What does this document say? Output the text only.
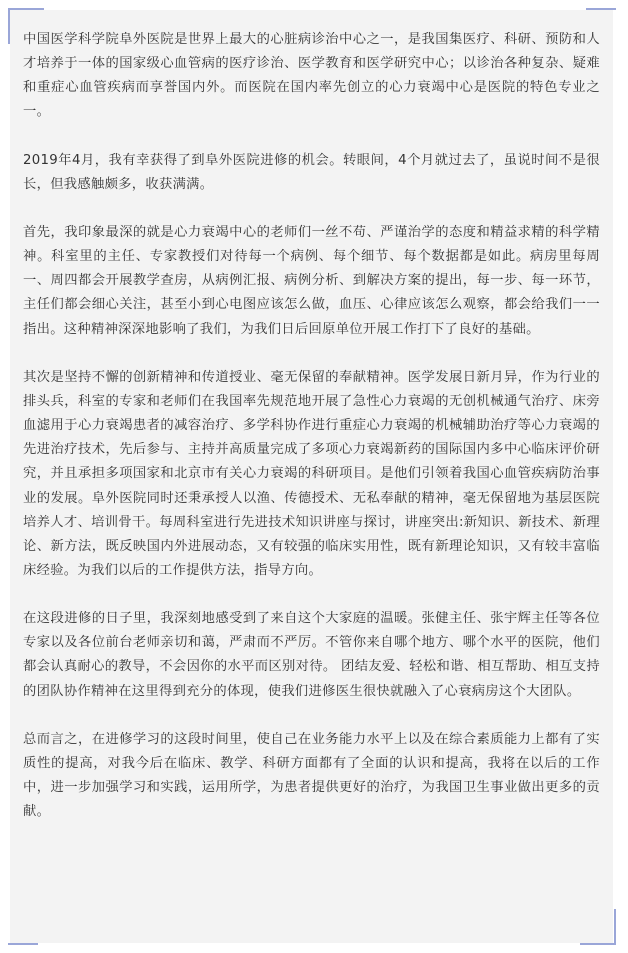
中国医学科学院阜外医院是世界上最大的心脏病诊治中心之一，是我国集医疗、科研、预防和人才培养于一体的国家级心血管病的医疗诊治、医学教育和医学研究中心；以诊治各种复杂、疑难和重症心血管疾病而享誉国内外。而医院在国内率先创立的心力衰竭中心是医院的特色专业之一。

2019年4月，我有幸获得了到阜外医院进修的机会。转眼间，4个月就过去了，虽说时间不是很长，但我感触颇多，收获满满。

首先，我印象最深的就是心力衰竭中心的老师们一丝不苟、严谨治学的态度和精益求精的科学精神。科室里的主任、专家教授们对待每一个病例、每个细节、每个数据都是如此。病房里每周一、周四都会开展教学查房，从病例汇报、病例分析、到解决方案的提出，每一步、每一环节，主任们都会细心关注，甚至小到心电图应该怎么做，血压、心律应该怎么观察，都会给我们一一指出。这种精神深深地影响了我们，为我们日后回原单位开展工作打下了良好的基础。

其次是坚持不懈的创新精神和传道授业、毫无保留的奉献精神。医学发展日新月异，作为行业的排头兵，科室的专家和老师们在我国率先规范地开展了急性心力衰竭的无创机械通气治疗、床旁血滤用于心力衰竭患者的减容治疗、多学科协作进行重症心力衰竭的机械辅助治疗等心力衰竭的先进治疗技术，先后参与、主持并高质量完成了多项心力衰竭新药的国际国内多中心临床评价研究，并且承担多项国家和北京市有关心力衰竭的科研项目。是他们引领着我国心血管疾病防治事业的发展。阜外医院同时还秉承授人以渔、传德授术、无私奉献的精神，毫无保留地为基层医院培养人才、培训骨干。每周科室进行先进技术知识讲座与探讨，讲座突出:新知识、新技术、新理论、新方法，既反映国内外进展动态，又有较强的临床实用性，既有新理论知识，又有较丰富临床经验。为我们以后的工作提供方法，指导方向。

在这段进修的日子里，我深刻地感受到了来自这个大家庭的温暖。张健主任、张宇辉主任等各位专家以及各位前台老师亲切和蔼，严肃而不严厉。不管你来自哪个地方、哪个水平的医院，他们都会认真耐心的教导，不会因你的水平而区别对待。 团结友爱、轻松和谐、相互帮助、相互支持的团队协作精神在这里得到充分的体现，使我们进修医生很快就融入了心衰病房这个大团队。

总而言之，在进修学习的这段时间里，使自己在业务能力水平上以及在综合素质能力上都有了实质性的提高，对我今后在临床、教学、科研方面都有了全面的认识和提高，我将在以后的工作中，进一步加强学习和实践，运用所学，为患者提供更好的治疗，为我国卫生事业做出更多的贡献。
